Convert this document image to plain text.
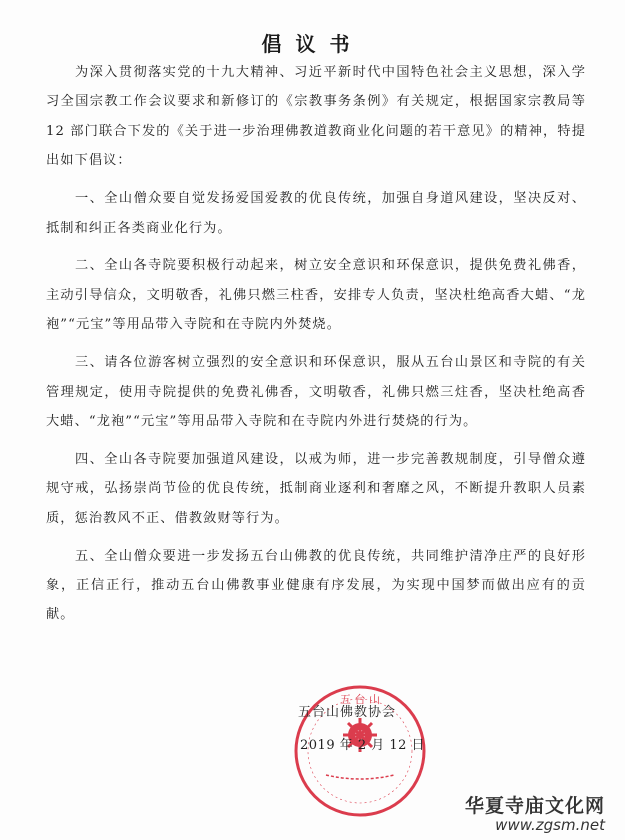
倡议书

为深入贯彻落实党的十九大精神、习近平新时代中国特色社会主义思想，深入学习全国宗教工作会议要求和新修订的《宗教事务条例》有关规定，根据国家宗教局等 12 部门联合下发的《关于进一步治理佛教道教商业化问题的若干意见》的精神，特提出如下倡议：

一、全山僧众要自觉发扬爱国爱教的优良传统，加强自身道风建设，坚决反对、抵制和纠正各类商业化行为。

二、全山各寺院要积极行动起来，树立安全意识和环保意识，提供免费礼佛香，主动引导信众，文明敬香，礼佛只燃三柱香，安排专人负责，坚决杜绝高香大蜡、“龙袍”“元宝”等用品带入寺院和在寺院内外焚烧。

三、请各位游客树立强烈的安全意识和环保意识，服从五台山景区和寺院的有关管理规定，使用寺院提供的免费礼佛香，文明敬香，礼佛只燃三炷香，坚决杜绝高香大蜡、“龙袍”“元宝”等用品带入寺院和在寺院内外进行焚烧的行为。

四、全山各寺院要加强道风建设，以戒为师，进一步完善教规制度，引导僧众遵规守戒，弘扬崇尚节俭的优良传统，抵制商业逐利和奢靡之风，不断提升教职人员素质，惩治教风不正、借教敛财等行为。

五、全山僧众要进一步发扬五台山佛教的优良传统，共同维护清净庄严的良好形象，正信正行，推动五台山佛教事业健康有序发展，为实现中国梦而做出应有的贡献。

五 台 山
五台山佛教协会
2019 年 2 月 12 日
华夏寺庙文化网
www.zgsm.net
